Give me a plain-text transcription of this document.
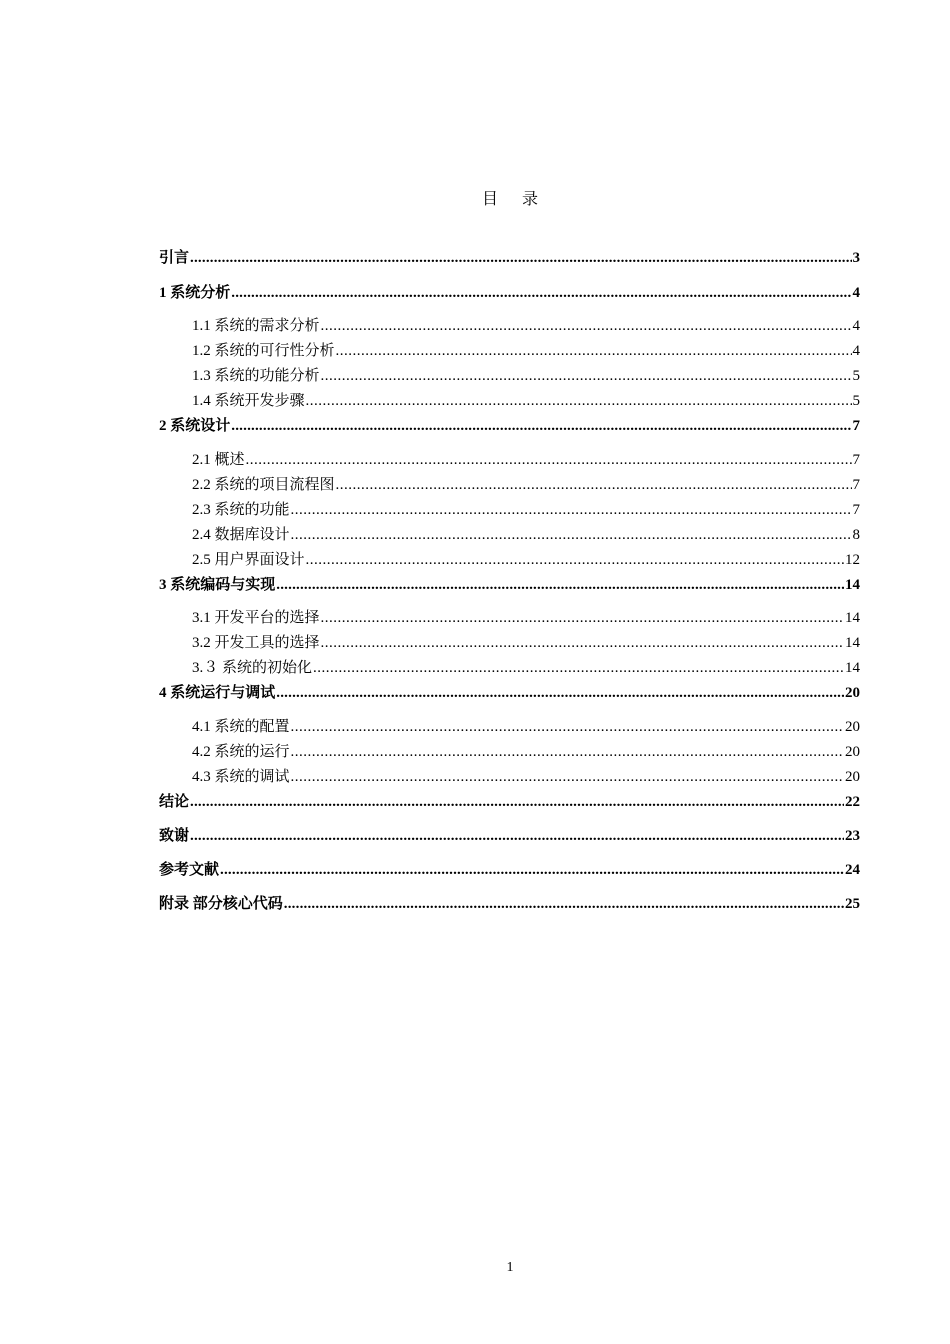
目 录
引言 .....	3
1 系统分析 .....	4
1.1 系统的需求分析 .....	4
1.2 系统的可行性分析 .....	4
1.3 系统的功能分析 .....	5
1.4 系统开发步骤 .....	5
2 系统设计 .....	7
2.1 概述 .....	7
2.2 系统的项目流程图 .....	7
2.3 系统的功能 .....	7
2.4 数据库设计 .....	8
2.5 用户界面设计 .....	12
3 系统编码与实现 .....	14
3.1 开发平台的选择 .....	14
3.2 开发工具的选择 .....	14
3.３ 系统的初始化 .....	14
4 系统运行与调试 .....	20
4.1 系统的配置 .....	20
4.2 系统的运行 .....	20
4.3 系统的调试 .....	20
结论 .....	22
致谢 .....	23
参考文献 .....	24
附录 部分核心代码 .....	25
1
